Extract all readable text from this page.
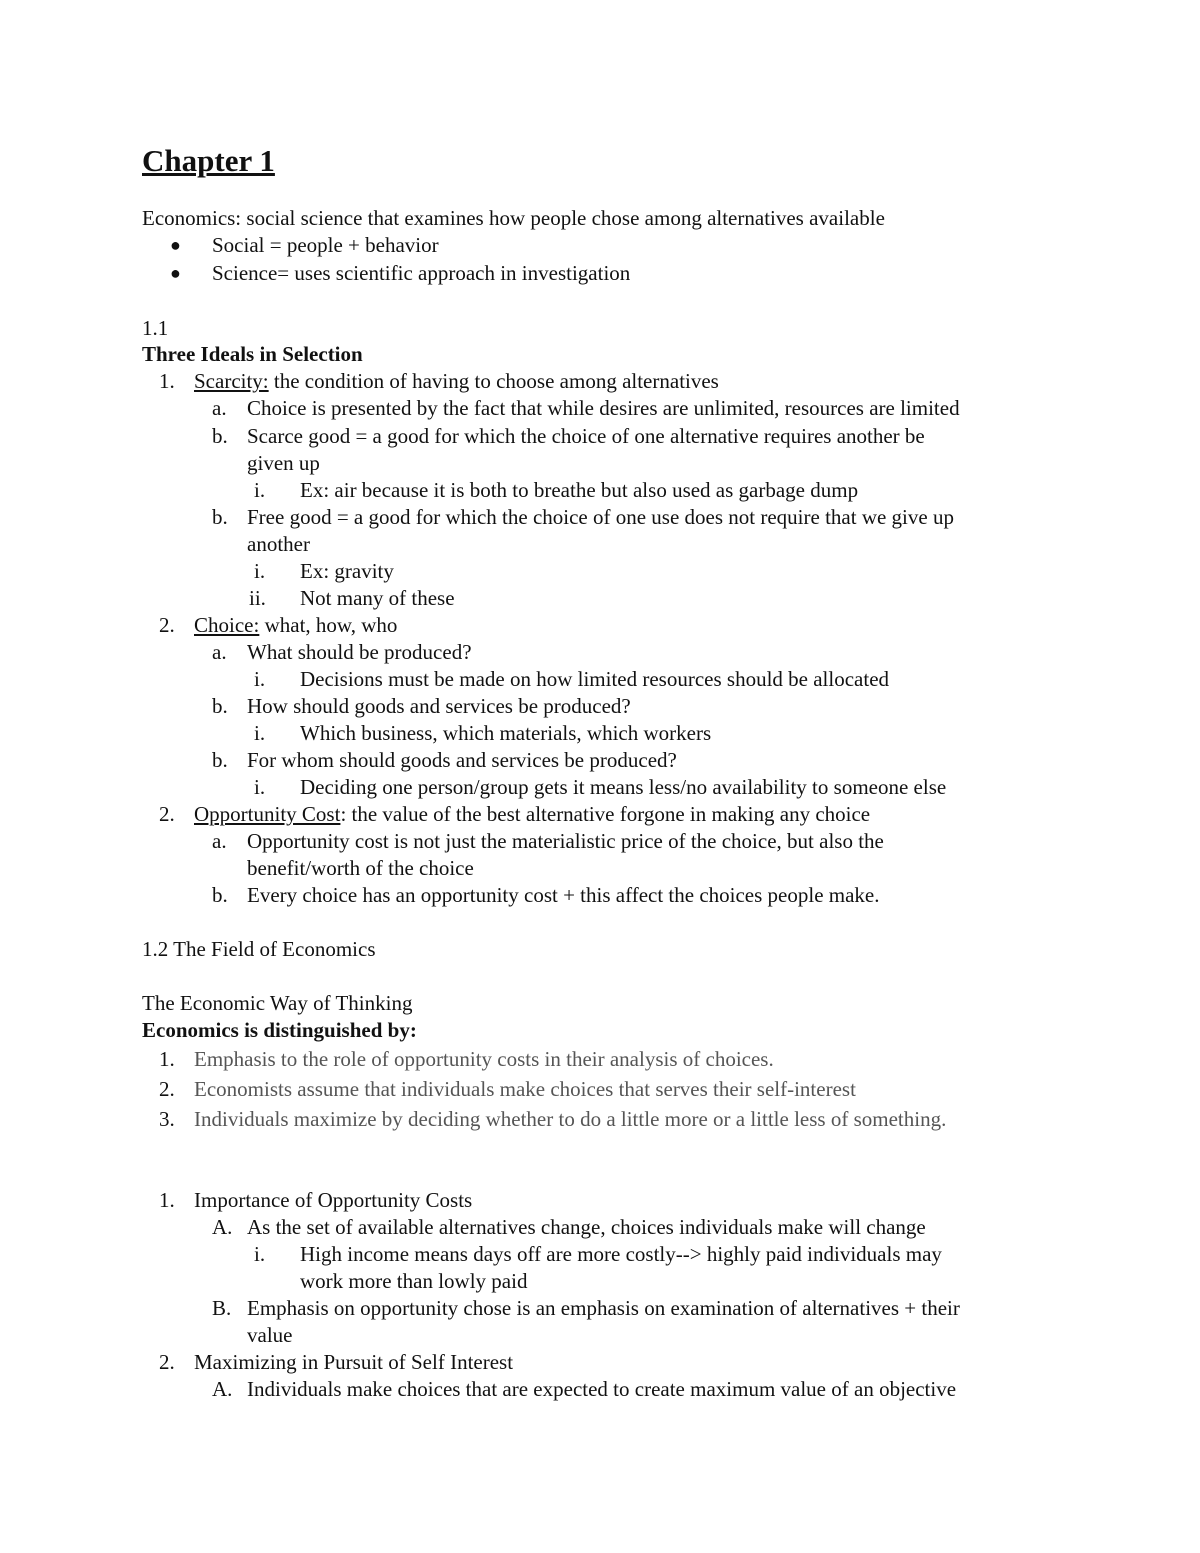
Chapter 1
Economics: social science that examines how people chose among alternatives available
● Social = people + behavior
● Science= uses scientific approach in investigation
1.1
Three Ideals in Selection
1. Scarcity: the condition of having to choose among alternatives
a. Choice is presented by the fact that while desires are unlimited, resources are limited
b. Scarce good = a good for which the choice of one alternative requires another be
given up
i. Ex: air because it is both to breathe but also used as garbage dump
b. Free good = a good for which the choice of one use does not require that we give up
another
i. Ex: gravity
ii. Not many of these
2. Choice: what, how, who
a. What should be produced?
i. Decisions must be made on how limited resources should be allocated
b. How should goods and services be produced?
i. Which business, which materials, which workers
b. For whom should goods and services be produced?
i. Deciding one person/group gets it means less/no availability to someone else
2. Opportunity Cost: the value of the best alternative forgone in making any choice
a. Opportunity cost is not just the materialistic price of the choice, but also the
benefit/worth of the choice
b. Every choice has an opportunity cost + this affect the choices people make.
1.2 The Field of Economics
The Economic Way of Thinking
Economics is distinguished by:
1. Emphasis to the role of opportunity costs in their analysis of choices.
2. Economists assume that individuals make choices that serves their self-interest
3. Individuals maximize by deciding whether to do a little more or a little less of something.
1. Importance of Opportunity Costs
A. As the set of available alternatives change, choices individuals make will change
i. High income means days off are more costly--> highly paid individuals may
work more than lowly paid
B. Emphasis on opportunity chose is an emphasis on examination of alternatives + their
value
2. Maximizing in Pursuit of Self Interest
A. Individuals make choices that are expected to create maximum value of an objective
